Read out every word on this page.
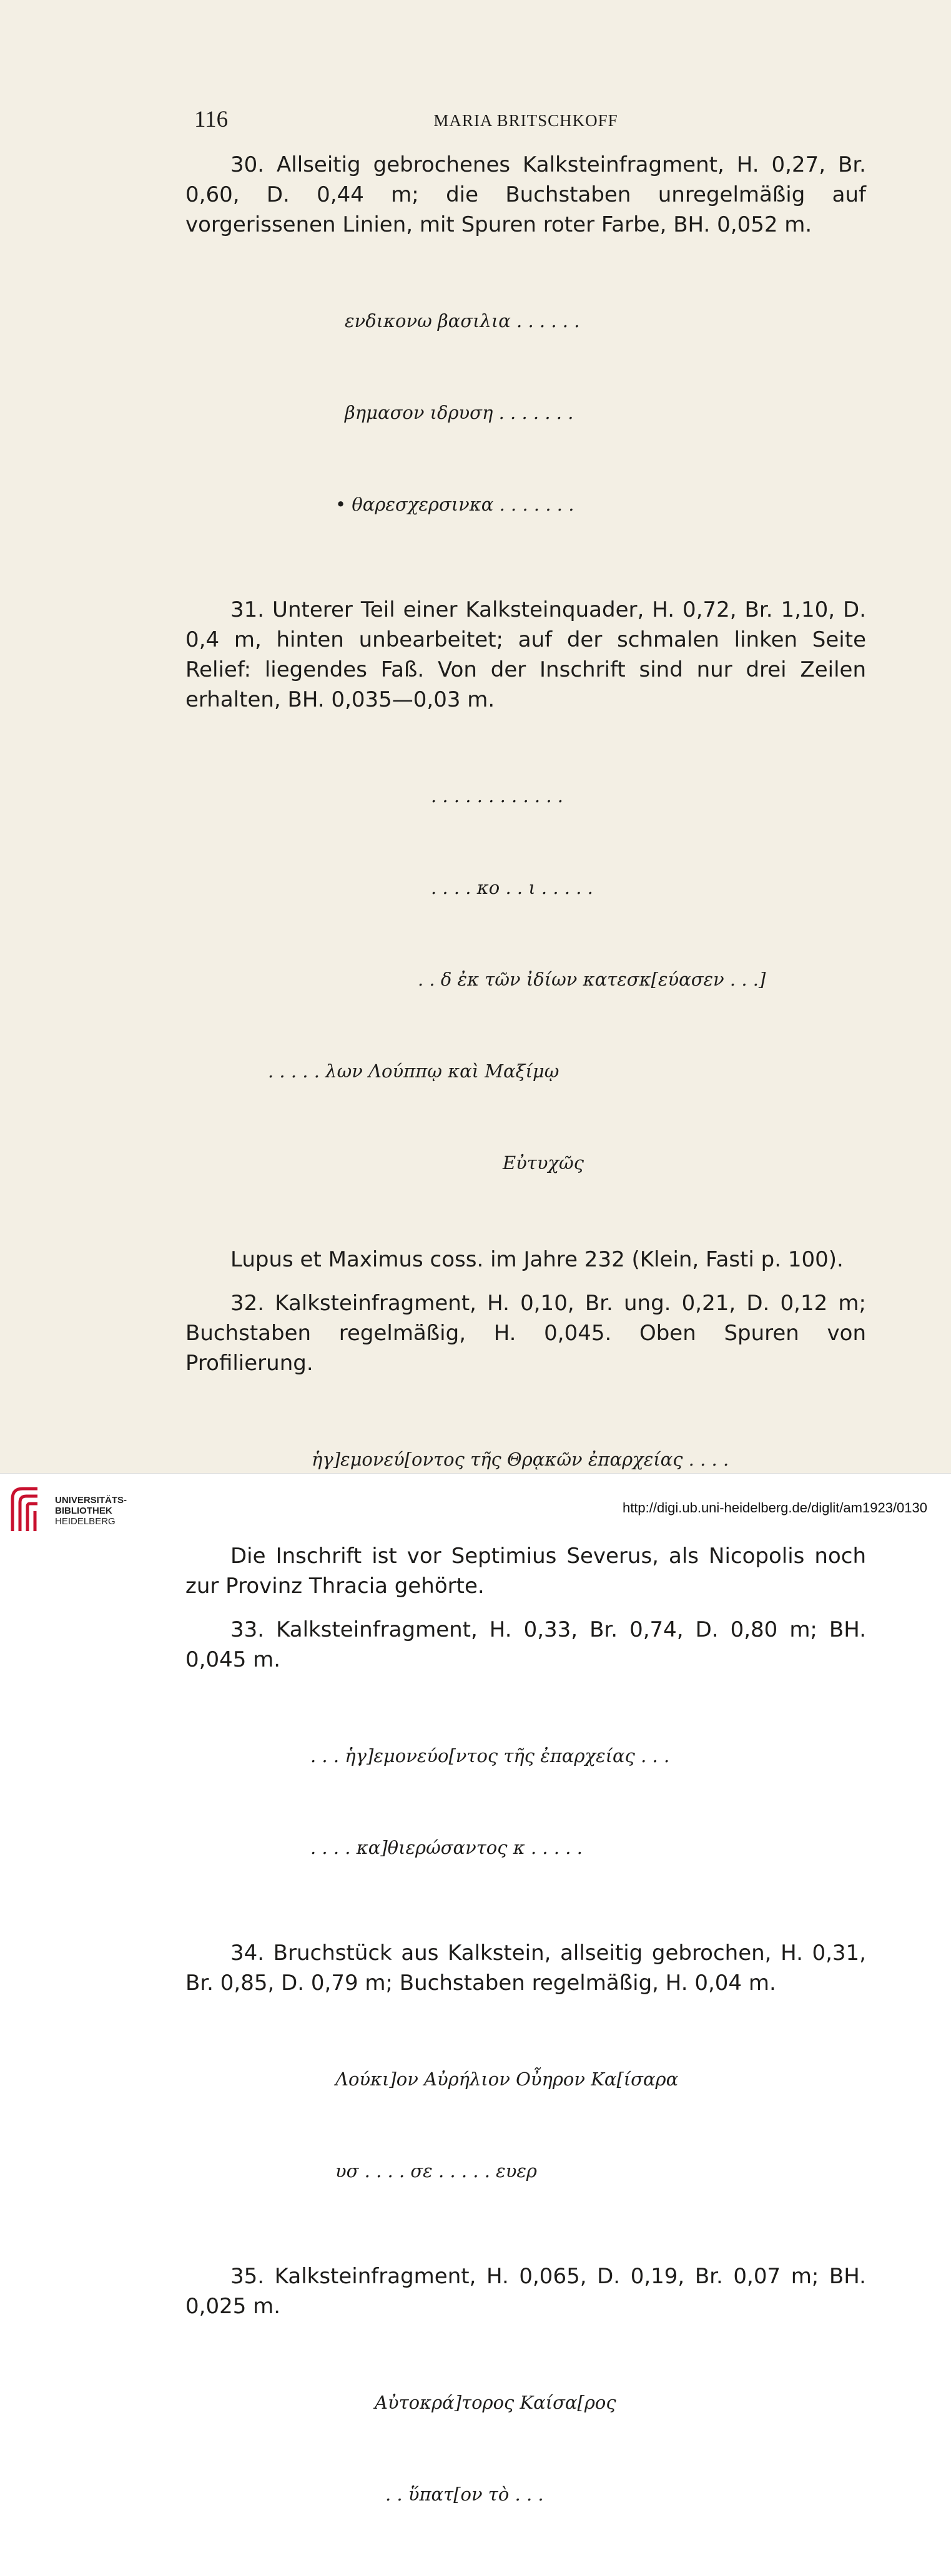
116	MARIA BRITSCHKOFF

30. Allseitig gebrochenes Kalksteinfragment, H. 0,27, Br. 0,60, D. 0,44 m; die Buchstaben unregelmäßig auf vorgerissenen Linien, mit Spuren roter Farbe, BH. 0,052 m.

ενδικονω βασιλια . . . . . .

βημασον ιδρυση . . . . . . .

• θαρεσχερσινκα . . . . . . .

31. Unterer Teil einer Kalksteinquader, H. 0,72, Br. 1,10, D. 0,4 m, hinten unbearbeitet; auf der schmalen linken Seite Relief: liegendes Faß. Von der Inschrift sind nur drei Zeilen erhalten, BH. 0,035—0,03 m.

. . . . . . . . . . . .

. . . . κο . . ι . . . . .

. . δ ἐκ τῶν ἰδίων κατεσκ[εύασεν . . .]

. . . . . λων Λούππῳ καὶ Μαξίμῳ

Εὐτυχῶς

Lupus et Maximus coss. im Jahre 232 (Klein, Fasti p. 100).

32. Kalksteinfragment, H. 0,10, Br. ung. 0,21, D. 0,12 m; Buchstaben regelmäßig, H. 0,045. Oben Spuren von Profilierung.

ἡγ]εμονεύ[οντος τῆς Θρᾳκῶν ἐπαρχείας . . . .

Die Inschrift ist vor Septimius Severus, als Nicopolis noch zur Provinz Thracia gehörte.

33. Kalksteinfragment, H. 0,33, Br. 0,74, D. 0,80 m; BH. 0,045 m.

. . . ἡγ]εμονεύο[ντος τῆς ἐπαρχείας . . .

. . . . κα]θιερώσαντος κ . . . . .

34. Bruchstück aus Kalkstein, allseitig gebrochen, H. 0,31, Br. 0,85, D. 0,79 m; Buchstaben regelmäßig, H. 0,04 m.

Λούκι]ον Αὐρήλιον Οὖηρον Κα[ίσαρα

υσ . . . . σε . . . . . ευερ

35. Kalksteinfragment, H. 0,065, D. 0,19, Br. 0,07 m; BH. 0,025 m.

Αὐτοκρά]τορος Καίσα[ρος

. . ὕπατ[ον τὸ . . .

UNIVERSITÄTS-
BIBLIOTHEK
HEIDELBERG
http://digi.ub.uni-heidelberg.de/diglit/am1923/0130
